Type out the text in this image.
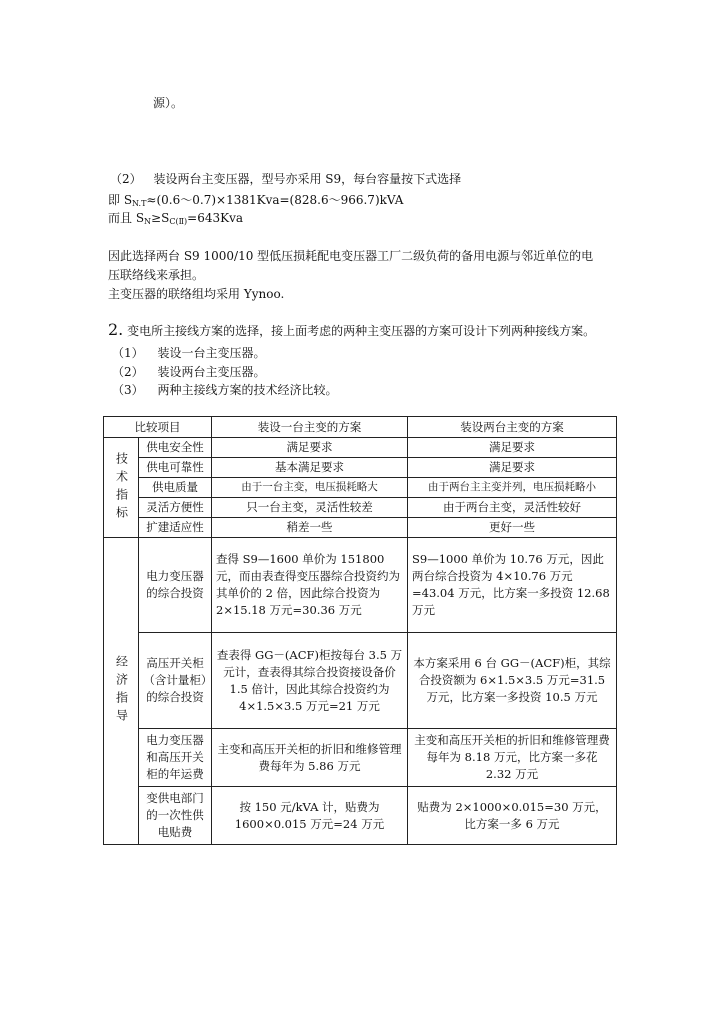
源）。
（2） 装设两台主变压器，型号亦采用 S9，每台容量按下式选择
即 $S_{N.T}\approx(0.6\sim 0.7)\times 1381Kva=(828.6\sim 966.7)kVA$
而且 $S_N\ge S_{C(Ⅱ)}=643Kva$
因此选择两台 S9 1000/10 型低压损耗配电变压器工厂二级负荷的备用电源与邻近单位的电
压联络线来承担。
主变压器的联络组均采用 Yynoo.
2. 变电所主接线方案的选择，接上面考虑的两种主变压器的方案可设计下列两种接线方案。
（1） 装设一台主变压器。
（2） 装设两台主变压器。
（3） 两种主接线方案的技术经济比较。
比较项目		装设一台主变的方案	装设两台主变的方案
技术指标	供电安全性	满足要求	满足要求
	供电可靠性	基本满足要求	满足要求
	供电质量	由于一台主变，电压损耗略大	由于两台主主变并列，电压损耗略小
	灵活方便性	只一台主变，灵活性较差	由于两台主变，灵活性较好
	扩建适应性	稍差一些	更好一些
经济指导	电力变压器的综合投资	查得 S9—1600 单价为 151800 元，而由表查得变压器综合投资约为其单价的 2 倍，因此综合投资为 2×15.18 万元=30.36 万元	S9—1000 单价为 10.76 万元，因此两台综合投资为 4×10.76 万元=43.04 万元，比方案一多投资 12.68 万元
	高压开关柜（含计量柜）的综合投资	查表得 GG－(ACF)柜按每台 3.5 万元计，查表得其综合投资接设备价 1.5 倍计，因此其综合投资约为 4×1.5×3.5 万元=21 万元	本方案采用 6 台 GG－(ACF)柜，其综合投资额为 6×1.5×3.5 万元=31.5 万元，比方案一多投资 10.5 万元
	电力变压器和高压开关柜的年运费	主变和高压开关柜的折旧和维修管理费每年为 5.86 万元	主变和高压开关柜的折旧和维修管理费每年为 8.18 万元，比方案一多花 2.32 万元
	变供电部门的一次性供电贴费	按 150 元/kVA 计，贴费为 1600×0.015 万元=24 万元	贴费为 2×1000×0.015=30 万元，比方案一多 6 万元
